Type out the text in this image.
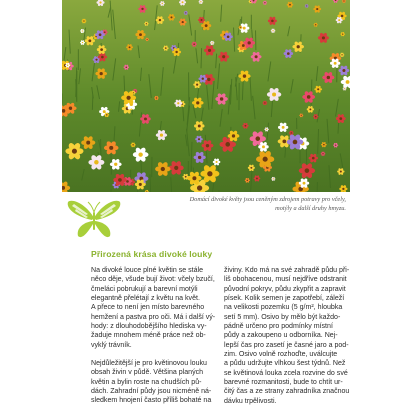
Domácí divoké květy jsou ceněným zdrojem potravy pro včely,
motýly a další druhy hmyzu.
Přirozená krása divoké louky

Na divoké louce plné květin se stále
něco děje, všude bují život: včely bzučí,
čmeláci pobrukují a barevní motýli
elegantně přelétají z květu na květ.
A přece to není jen místo barevného
hemžení a pastva pro oči. Má i další vý-
hody: z dlouhodobějšího hlediska vy-
žaduje mnohem méně práce než ob-
vyklý trávník.

Nejdůležitější je pro květinovou louku
obsah živin v půdě. Většina planých
květin a bylin roste na chudších pů-
dách. Zahradní půdy jsou nicméně ná-
sledkem hnojení často příliš bohaté na

živiny. Kdo má na své zahradě půdu při-
liš obohacenou, musí nejdříve odstranit
původní pokryv, půdu zkypřit a zapravit
písek. Kolik semen je zapotřebí, záleží
na velikosti pozemku (5 g/m², hloubka
setí 5 mm). Osivo by mělo být každo-
pádně určeno pro podmínky místní
půdy a zakoupeno u odborníka. Nej-
lepší čas pro zasetí je časné jaro a pod-
zim. Osivo volně rozhoďte, uválcujte
a půdu udržujte vlhkou šest týdnů. Než
se květinová louka zcela rozvine do své
barevné rozmanitosti, bude to chtít ur-
čitý čas a ze strany zahradníka značnou
dávku trpělivosti.
